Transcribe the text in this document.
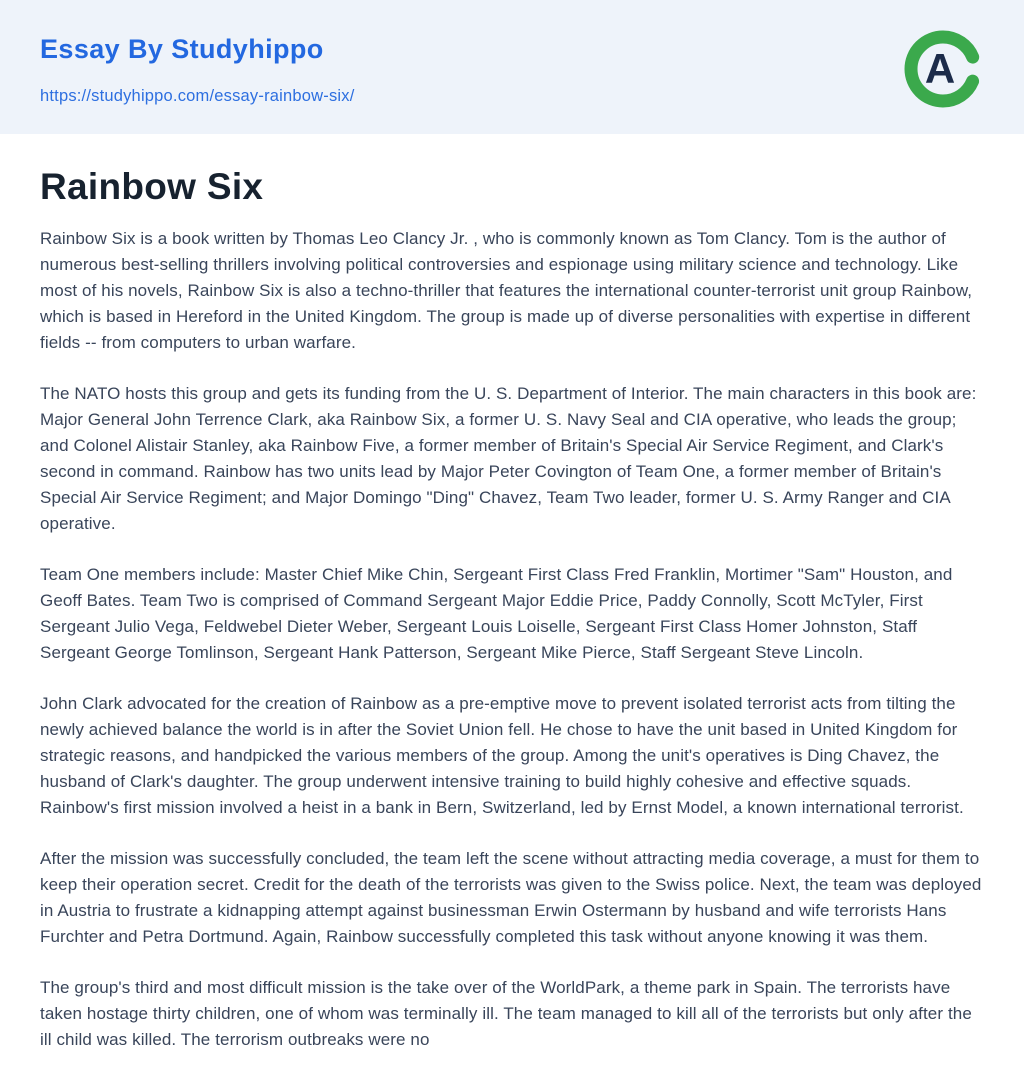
Essay By Studyhippo
https://studyhippo.com/essay-rainbow-six/
A
Rainbow Six

Rainbow Six is a book written by Thomas Leo Clancy Jr. , who is commonly known as Tom Clancy. Tom is the author of numerous best-selling thrillers involving political controversies and espionage using military science and technology. Like most of his novels, Rainbow Six is also a techno-thriller that features the international counter-terrorist unit group Rainbow, which is based in Hereford in the United Kingdom. The group is made up of diverse personalities with expertise in different fields -- from computers to urban warfare.

The NATO hosts this group and gets its funding from the U. S. Department of Interior. The main characters in this book are: Major General John Terrence Clark, aka Rainbow Six, a former U. S. Navy Seal and CIA operative, who leads the group; and Colonel Alistair Stanley, aka Rainbow Five, a former member of Britain's Special Air Service Regiment, and Clark's second in command. Rainbow has two units lead by Major Peter Covington of Team One, a former member of Britain's Special Air Service Regiment; and Major Domingo "Ding" Chavez, Team Two leader, former U. S. Army Ranger and CIA operative.

Team One members include: Master Chief Mike Chin, Sergeant First Class Fred Franklin, Mortimer "Sam" Houston, and Geoff Bates. Team Two is comprised of Command Sergeant Major Eddie Price, Paddy Connolly, Scott McTyler, First Sergeant Julio Vega, Feldwebel Dieter Weber, Sergeant Louis Loiselle, Sergeant First Class Homer Johnston, Staff Sergeant George Tomlinson, Sergeant Hank Patterson, Sergeant Mike Pierce, Staff Sergeant Steve Lincoln.

John Clark advocated for the creation of Rainbow as a pre-emptive move to prevent isolated terrorist acts from tilting the newly achieved balance the world is in after the Soviet Union fell. He chose to have the unit based in United Kingdom for strategic reasons, and handpicked the various members of the group. Among the unit's operatives is Ding Chavez, the husband of Clark's daughter. The group underwent intensive training to build highly cohesive and effective squads. Rainbow's first mission involved a heist in a bank in Bern, Switzerland, led by Ernst Model, a known international terrorist.

After the mission was successfully concluded, the team left the scene without attracting media coverage, a must for them to keep their operation secret. Credit for the death of the terrorists was given to the Swiss police. Next, the team was deployed in Austria to frustrate a kidnapping attempt against businessman Erwin Ostermann by husband and wife terrorists Hans Furchter and Petra Dortmund. Again, Rainbow successfully completed this task without anyone knowing it was them.

The group's third and most difficult mission is the take over of the WorldPark, a theme park in Spain. The terrorists have taken hostage thirty children, one of whom was terminally ill. The team managed to kill all of the terrorists but only after the ill child was killed. The terrorism outbreaks were no
